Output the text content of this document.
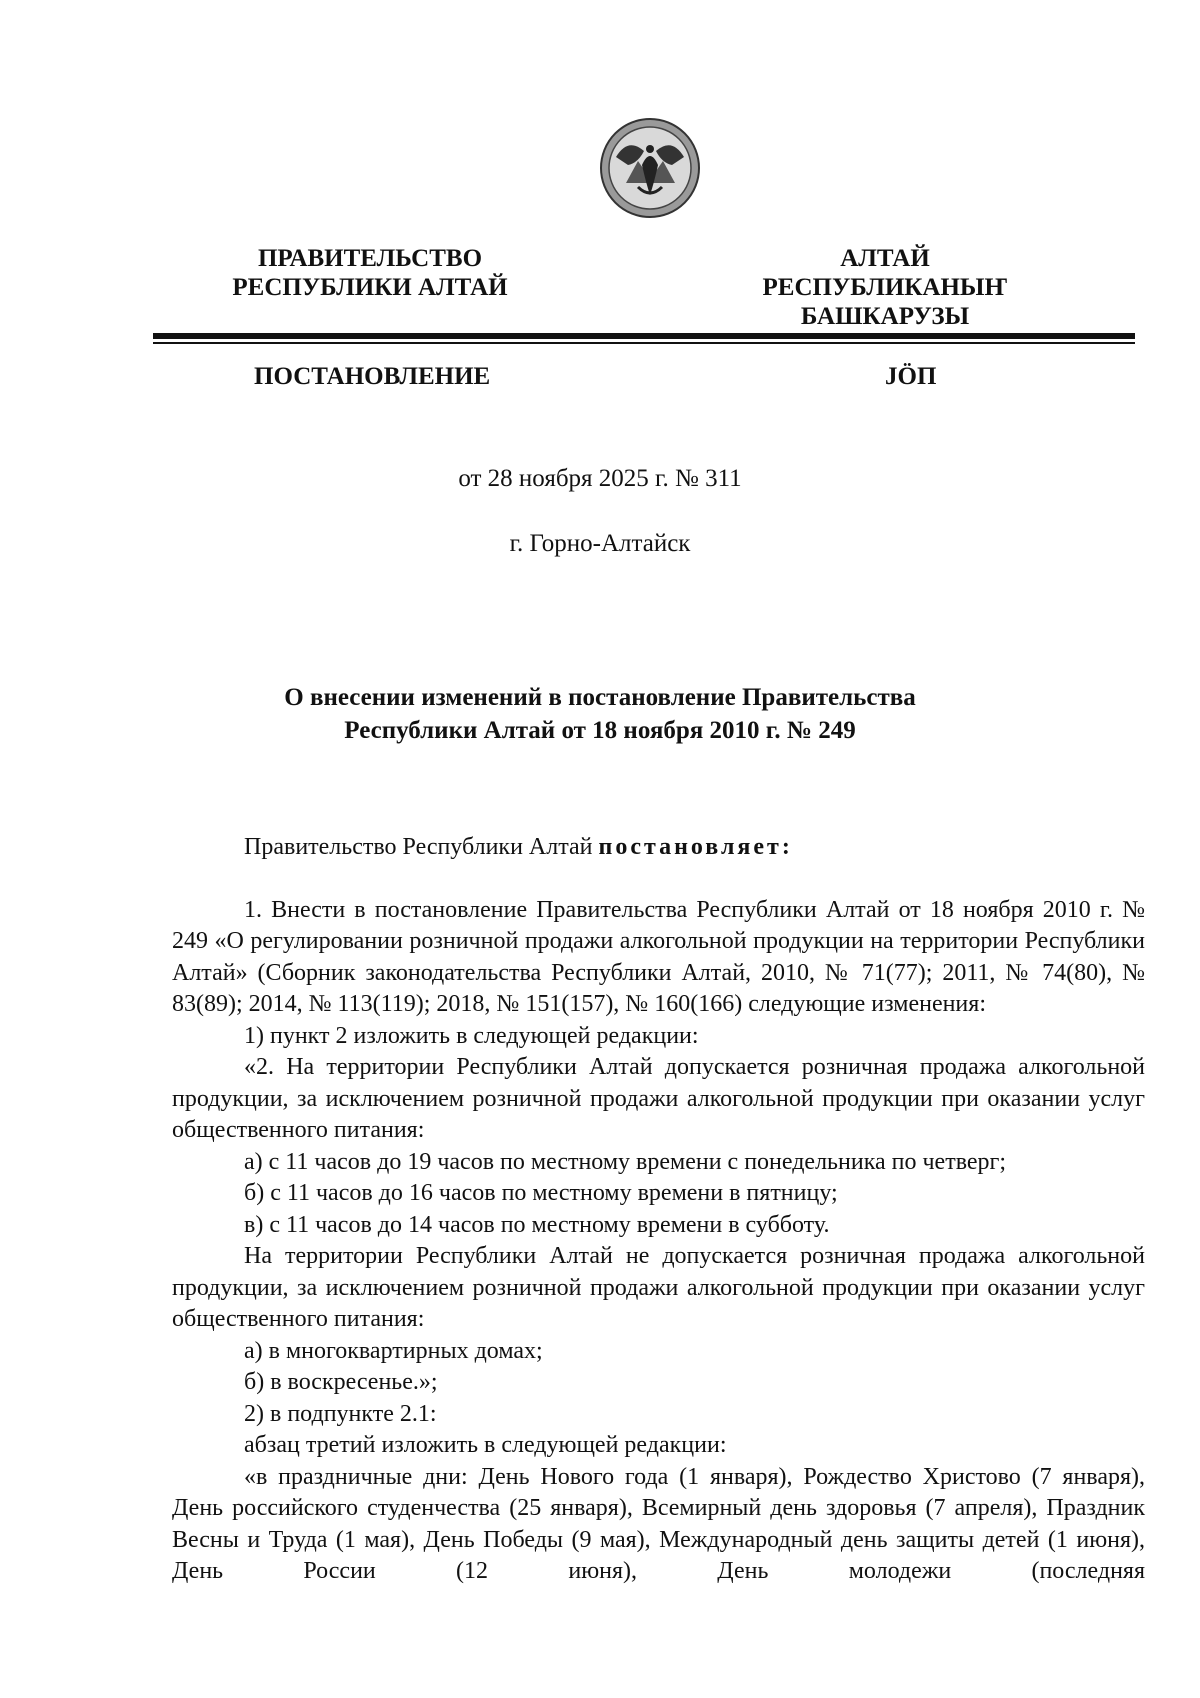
ПРАВИТЕЛЬСТВО
РЕСПУБЛИКИ АЛТАЙ
АЛТАЙ РЕСПУБЛИКАНЫҤ
БАШКАРУЗЫ
ПОСТАНОВЛЕНИЕ	ЈӦП
от 28 ноября 2025 г. № 311
г. Горно-Алтайск
О внесении изменений в постановление Правительства
Республики Алтай от 18 ноября 2010 г. № 249

Правительство Республики Алтай постановляет:

1. Внести в постановление Правительства Республики Алтай от 18 ноября 2010 г. № 249 «О регулировании розничной продажи алкогольной продукции на территории Республики Алтай» (Сборник законодательства Республики Алтай, 2010, № 71(77); 2011, № 74(80), № 83(89); 2014, № 113(119); 2018, № 151(157), № 160(166) следующие изменения:

1) пункт 2 изложить в следующей редакции:

«2. На территории Республики Алтай допускается розничная продажа алкогольной продукции, за исключением розничной продажи алкогольной продукции при оказании услуг общественного питания:

а) с 11 часов до 19 часов по местному времени с понедельника по четверг;

б) с 11 часов до 16 часов по местному времени в пятницу;

в) с 11 часов до 14 часов по местному времени в субботу.

На территории Республики Алтай не допускается розничная продажа алкогольной продукции, за исключением розничной продажи алкогольной продукции при оказании услуг общественного питания:

а) в многоквартирных домах;

б) в воскресенье.»;

2) в подпункте 2.1:

абзац третий изложить в следующей редакции:

«в праздничные дни: День Нового года (1 января), Рождество Христово (7 января), День российского студенчества (25 января), Всемирный день здоровья (7 апреля), Праздник Весны и Труда (1 мая), День Победы (9 мая), Международный день защиты детей (1 июня), День России (12 июня), День молодежи (последняя
